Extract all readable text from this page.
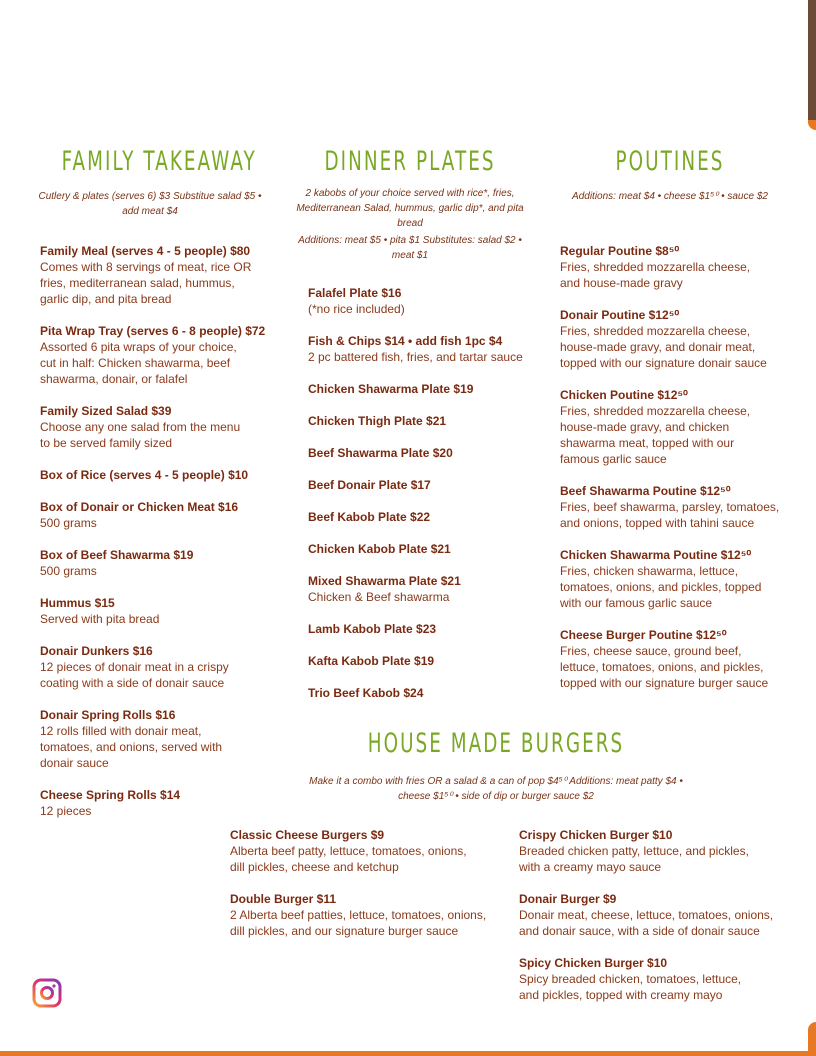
FAMILY TAKEAWAY

Cutlery & plates (serves 6) $3 Substitue salad $5 • add meat $4

Family Meal (serves 4 - 5 people) $80
Comes with 8 servings of meat, rice OR
fries, mediterranean salad, hummus,
garlic dip, and pita bread
Pita Wrap Tray (serves 6 - 8 people) $72
Assorted 6 pita wraps of your choice,
cut in half: Chicken shawarma, beef
shawarma, donair, or falafel
Family Sized Salad $39
Choose any one salad from the menu
to be served family sized
Box of Rice (serves 4 - 5 people) $10
Box of Donair or Chicken Meat $16
500 grams
Box of Beef Shawarma $19
500 grams
Hummus $15
Served with pita bread
Donair Dunkers $16
12 pieces of donair meat in a crispy
coating with a side of donair sauce
Donair Spring Rolls $16
12 rolls filled with donair meat,
tomatoes, and onions, served with
donair sauce
Cheese Spring Rolls $14
12 pieces
DINNER PLATES

2 kabobs of your choice served with rice*, fries, Mediterranean Salad, hummus, garlic dip*, and pita bread

Additions: meat $5 • pita $1 Substitutes: salad $2 • meat $1

Falafel Plate $16
(*no rice included)
Fish & Chips $14 • add fish 1pc $4
2 pc battered fish, fries, and tartar sauce
Chicken Shawarma Plate $19
Chicken Thigh Plate $21
Beef Shawarma Plate $20
Beef Donair Plate $17
Beef Kabob Plate $22
Chicken Kabob Plate $21
Mixed Shawarma Plate $21
Chicken & Beef shawarma
Lamb Kabob Plate $23
Kafta Kabob Plate $19
Trio Beef Kabob $24
POUTINES

Additions: meat $4 • cheese $1⁵⁰ • sauce $2

Regular Poutine $8⁵⁰
Fries, shredded mozzarella cheese,
and house-made gravy
Donair Poutine $12⁵⁰
Fries, shredded mozzarella cheese,
house-made gravy, and donair meat,
topped with our signature donair sauce
Chicken Poutine $12⁵⁰
Fries, shredded mozzarella cheese,
house-made gravy, and chicken
shawarma meat, topped with our
famous garlic sauce
Beef Shawarma Poutine $12⁵⁰
Fries, beef shawarma, parsley, tomatoes,
and onions, topped with tahini sauce
Chicken Shawarma Poutine $12⁵⁰
Fries, chicken shawarma, lettuce,
tomatoes, onions, and pickles, topped
with our famous garlic sauce
Cheese Burger Poutine $12⁵⁰
Fries, cheese sauce, ground beef,
lettuce, tomatoes, onions, and pickles,
topped with our signature burger sauce
HOUSE MADE BURGERS

Make it a combo with fries OR a salad & a can of pop $4⁵⁰ Additions: meat patty $4 • cheese $1⁵⁰ • side of dip or burger sauce $2

Classic Cheese Burgers $9
Alberta beef patty, lettuce, tomatoes, onions,
dill pickles, cheese and ketchup
Double Burger $11
2 Alberta beef patties, lettuce, tomatoes, onions,
dill pickles, and our signature burger sauce
Crispy Chicken Burger $10
Breaded chicken patty, lettuce, and pickles,
with a creamy mayo sauce
Donair Burger $9
Donair meat, cheese, lettuce, tomatoes, onions,
and donair sauce, with a side of donair sauce
Spicy Chicken Burger $10
Spicy breaded chicken, tomatoes, lettuce,
and pickles, topped with creamy mayo
